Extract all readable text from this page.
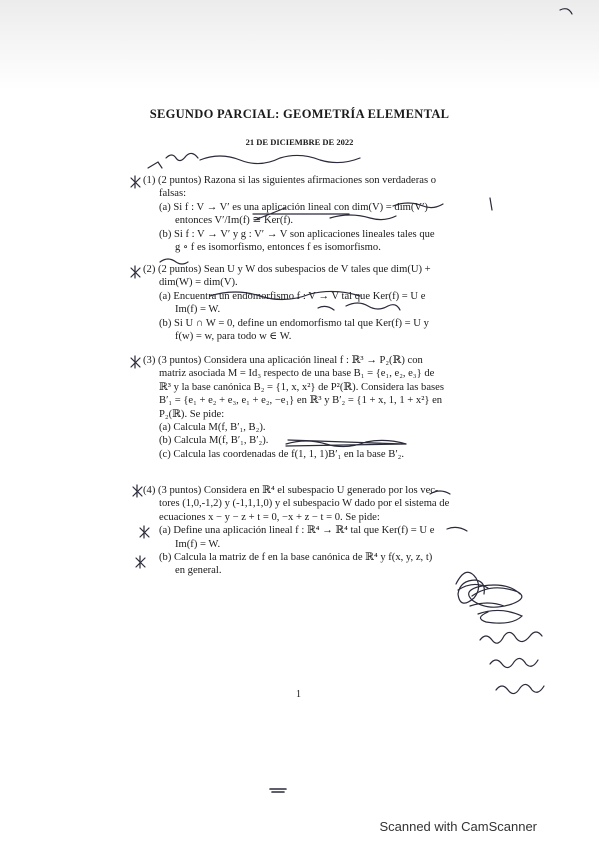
SEGUNDO PARCIAL: GEOMETRÍA ELEMENTAL
21 DE DICIEMBRE DE 2022
(1) (2 puntos) Razona si las siguientes afirmaciones son verdaderas o
falsas:
(a) Si f : V → V′ es una aplicación lineal con dim(V) = dim(V′)
entonces V′/Im(f) ≅ Ker(f).
(b) Si f : V → V′ y g : V′ → V son aplicaciones lineales tales que
g ∘ f es isomorfismo, entonces f es isomorfismo.
(2) (2 puntos) Sean U y W dos subespacios de V tales que dim(U) +
dim(W) = dim(V).
(a) Encuentra un endomorfismo f : V → V tal que Ker(f) = U e
Im(f) = W.
(b) Si U ∩ W = 0, define un endomorfismo tal que Ker(f) = U y
f(w) = w, para todo w ∈ W.
(3) (3 puntos) Considera una aplicación lineal f : ℝ³ → P₂(ℝ) con
matriz asociada M = Id₃ respecto de una base B₁ = {e₁, e₂, e₃} de
ℝ³ y la base canónica B₂ = {1, x, x²} de P²(ℝ). Considera las bases
B′₁ = {e₁ + e₂ + e₃, e₁ + e₂, −e₁} en ℝ³ y B′₂ = {1 + x, 1, 1 + x²} en
P₂(ℝ). Se pide:
(a) Calcula M(f, B′₁, B₂).
(b) Calcula M(f, B′₁, B′₂).
(c) Calcula las coordenadas de f(1, 1, 1)B′₁ en la base B′₂.
(4) (3 puntos) Considera en ℝ⁴ el subespacio U generado por los vec-
tores (1,0,-1,2) y (-1,1,1,0) y el subespacio W dado por el sistema de
ecuaciones x − y − z + t = 0, −x + z − t = 0. Se pide:
(a) Define una aplicación lineal f : ℝ⁴ → ℝ⁴ tal que Ker(f) = U e
Im(f) = W.
(b) Calcula la matriz de f en la base canónica de ℝ⁴ y f(x, y, z, t)
en general.
1
Scanned with CamScanner
